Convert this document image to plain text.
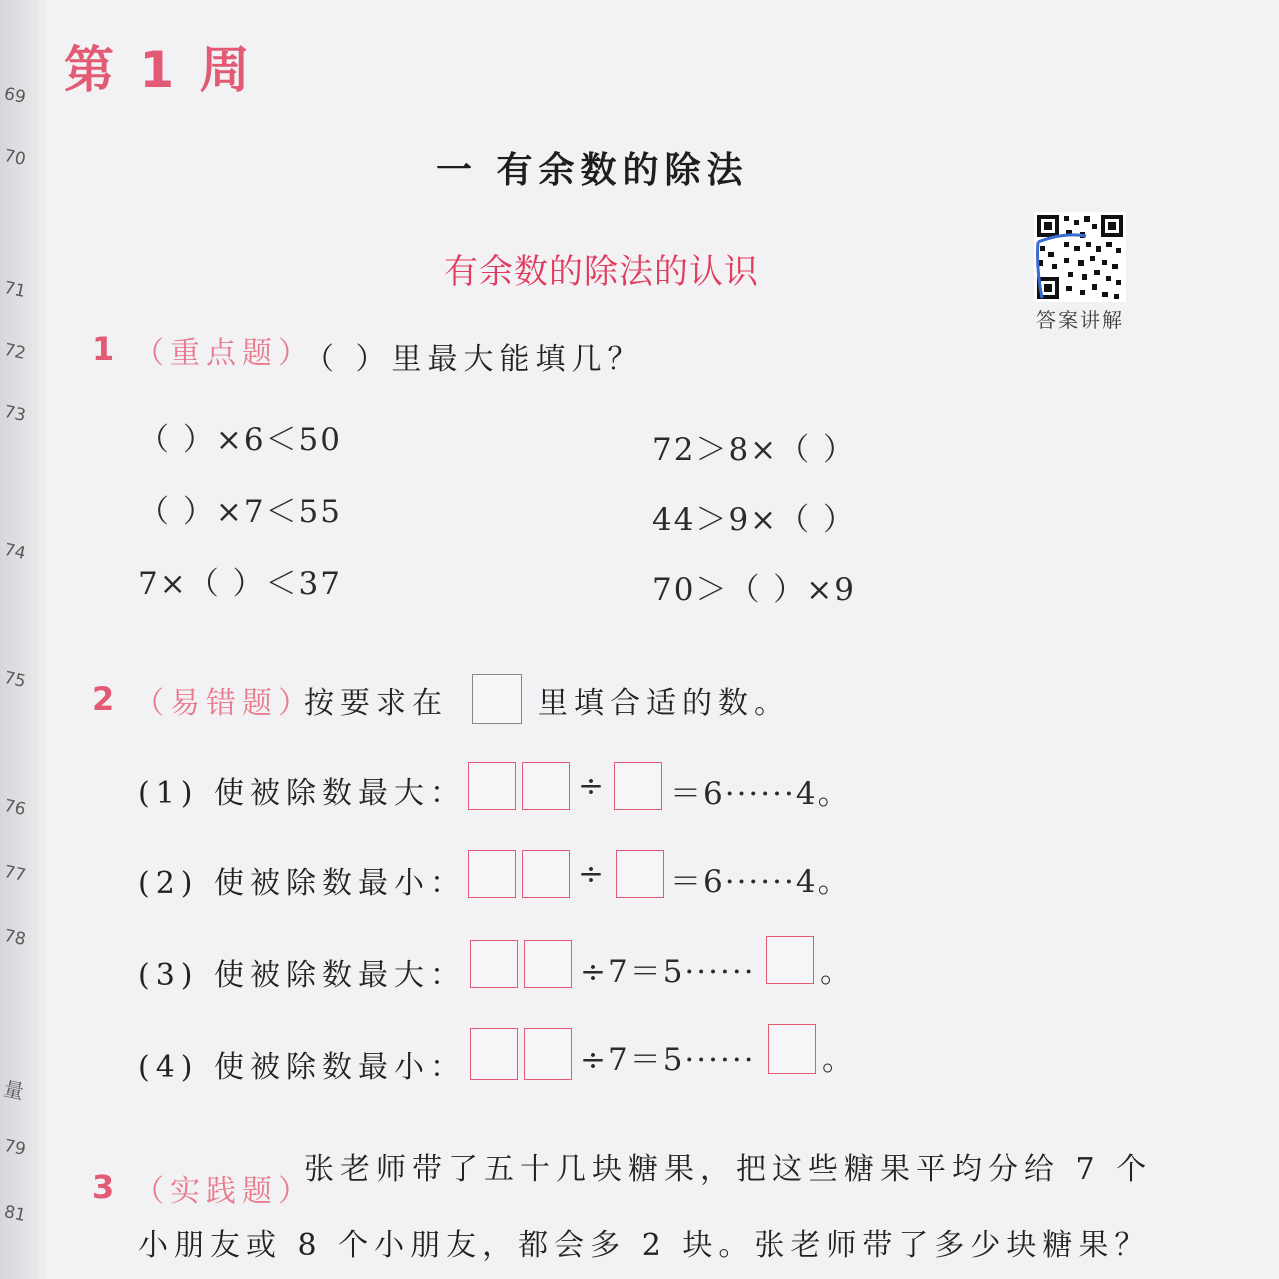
69
70
71
72
73
74
75
76
77
78
量
79
81
第 1 周
一 有余数的除法
有余数的除法的认识
答案讲解
1 （重点题）
（ ）里最大能填几？
（ ）×6＜50	72＞8×（ ）
（ ）×7＜55	44＞9×（ ）
7×（ ）＜37	70＞（ ）×9
2 （易错题）
按要求在	里填合适的数。
(1) 使被除数最大：	÷ ＝6······4。
(2) 使被除数最小：	÷ ＝6······4。
(3) 使被除数最大：	÷7＝5······ 。
(4) 使被除数最小：	÷7＝5······ 。
3 （实践题）
张老师带了五十几块糖果，把这些糖果平均分给 7 个
小朋友或 8 个小朋友，都会多 2 块。张老师带了多少块糖果？
